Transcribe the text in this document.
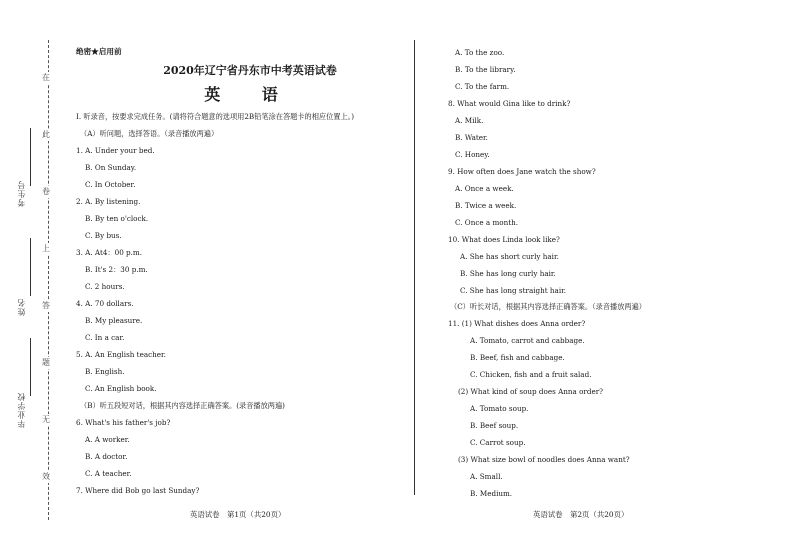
在
此
卷
上
答
题
无
效
考生号
姓名
毕业学校
绝密★启用前
2020年辽宁省丹东市中考英语试卷
英 语
I. 听录音，按要求完成任务。(请将符合题意的选项用2B铅笔涂在答题卡的相应位置上。)
（A）听问题，选择答语。（录音播放两遍）
1. A. Under your bed.
B. On Sunday.
C. In October.
2. A. By listening.
B. By ten o'clock.
C. By bus.
3. A. At4：00 p.m.
B. It's 2：30 p.m.
C. 2 hours.
4. A. 70 dollars.
B. My pleasure.
C. In a car.
5. A. An English teacher.
B. English.
C. An English book.
（B）听五段短对话，根据其内容选择正确答案。(录音播放两遍)
6. What's his father's job?
A. A worker.
B. A doctor.
C. A teacher.
7. Where did Bob go last Sunday?
A. To the zoo.
B. To the library.
C. To the farm.
8. What would Gina like to drink?
A. Milk.
B. Water.
C. Honey.
9. How often does Jane watch the show?
A. Once a week.
B. Twice a week.
C. Once a month.
10. What does Linda look like?
A. She has short curly hair.
B. She has long curly hair.
C. She has long straight hair.
（C）听长对话，根据其内容选择正确答案。（录音播放两遍）
11. (1) What dishes does Anna order?
A. Tomato, carrot and cabbage.
B. Beef, fish and cabbage.
C. Chicken, fish and a fruit salad.
(2) What kind of soup does Anna order?
A. Tomato soup.
B. Beef soup.
C. Carrot soup.
(3) What size bowl of noodles does Anna want?
A. Small.
B. Medium.
英语试卷　第1页（共20页）	英语试卷　第2页（共20页）
